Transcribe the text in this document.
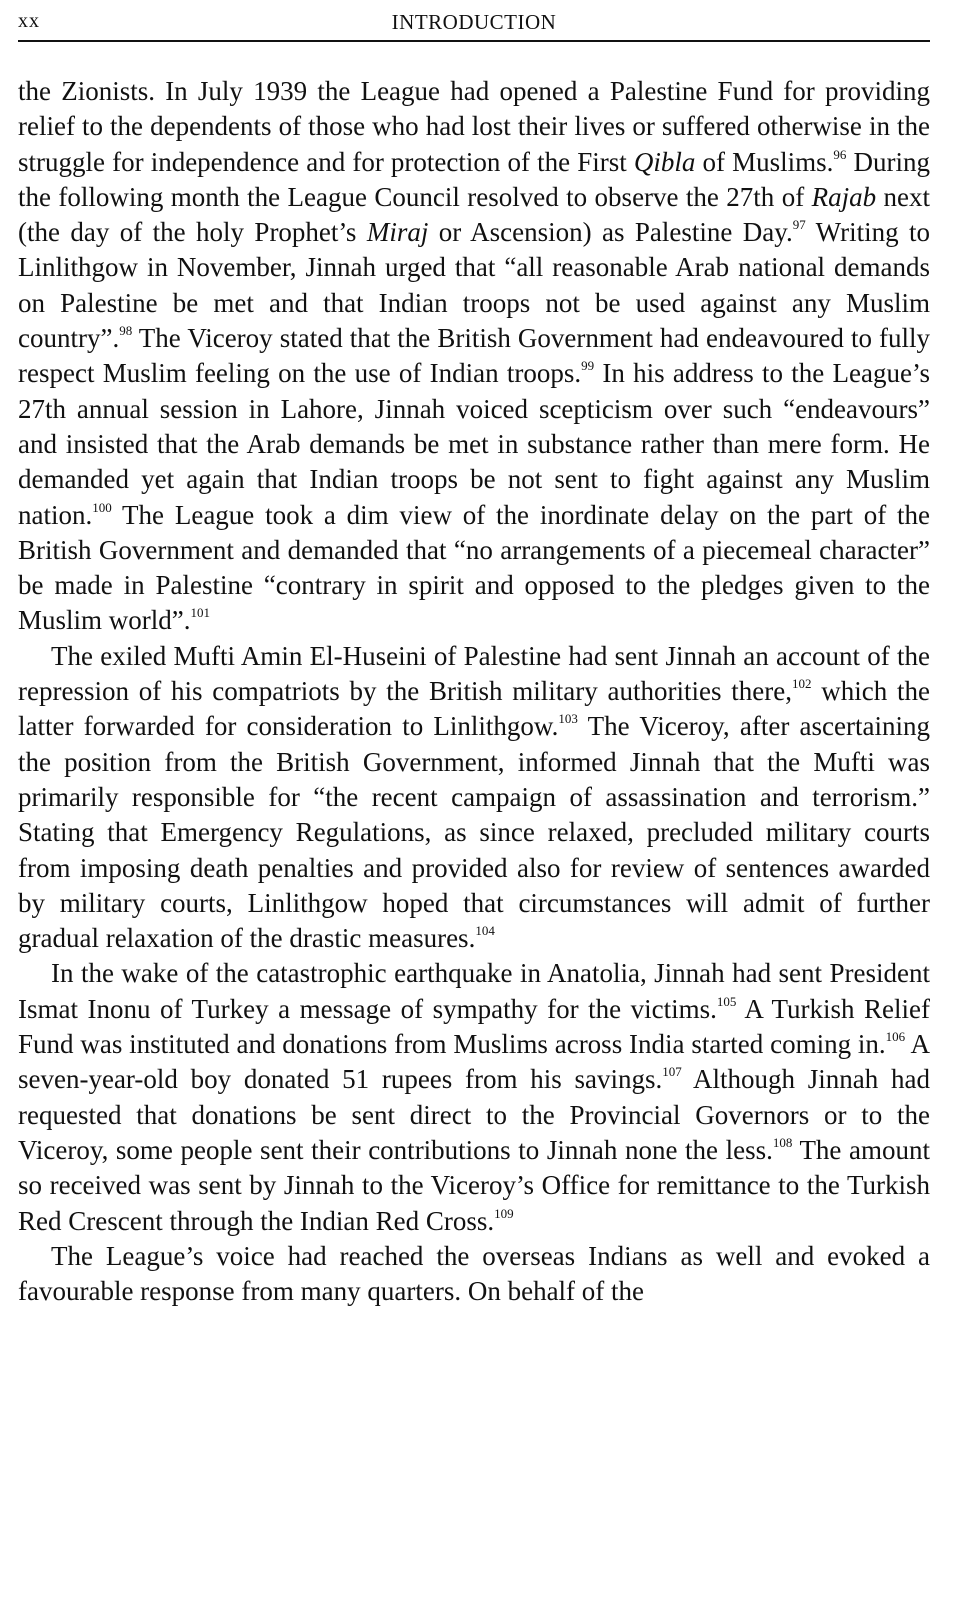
xx	INTRODUCTION

the Zionists. In July 1939 the League had opened a Palestine Fund for providing relief to the dependents of those who had lost their lives or suffered otherwise in the struggle for independence and for protection of the First Qibla of Muslims.$^{96}$ During the following month the League Council resolved to observe the 27th of Rajab next (the day of the holy Prophet’s Miraj or Ascension) as Palestine Day.$^{97}$ Writing to Linlithgow in November, Jinnah urged that “all reasonable Arab national demands on Palestine be met and that Indian troops not be used against any Muslim country”.$^{98}$ The Viceroy stated that the British Government had endeavoured to fully respect Muslim feeling on the use of Indian troops.$^{99}$ In his address to the League’s 27th annual session in Lahore, Jinnah voiced scepticism over such “endeavours” and insisted that the Arab demands be met in substance rather than mere form. He demanded yet again that Indian troops be not sent to fight against any Muslim nation.$^{100}$ The League took a dim view of the inordinate delay on the part of the British Government and demanded that “no arrangements of a piecemeal character” be made in Palestine “contrary in spirit and opposed to the pledges given to the Muslim world”.$^{101}$

The exiled Mufti Amin El-Huseini of Palestine had sent Jinnah an account of the repression of his compatriots by the British military authorities there,$^{102}$ which the latter forwarded for consideration to Linlithgow.$^{103}$ The Viceroy, after ascertaining the position from the British Government, informed Jinnah that the Mufti was primarily responsible for “the recent campaign of assassination and terrorism.” Stating that Emergency Regulations, as since relaxed, precluded military courts from imposing death penalties and provided also for review of sentences awarded by military courts, Linlithgow hoped that circumstances will admit of further gradual relaxation of the drastic measures.$^{104}$

In the wake of the catastrophic earthquake in Anatolia, Jinnah had sent President Ismat Inonu of Turkey a message of sympathy for the victims.$^{105}$ A Turkish Relief Fund was instituted and donations from Muslims across India started coming in.$^{106}$ A seven-year-old boy donated 51 rupees from his savings.$^{107}$ Although Jinnah had requested that donations be sent direct to the Provincial Governors or to the Viceroy, some people sent their contributions to Jinnah none the less.$^{108}$ The amount so received was sent by Jinnah to the Viceroy’s Office for remittance to the Turkish Red Crescent through the Indian Red Cross.$^{109}$

The League’s voice had reached the overseas Indians as well and evoked a favourable response from many quarters. On behalf of the
